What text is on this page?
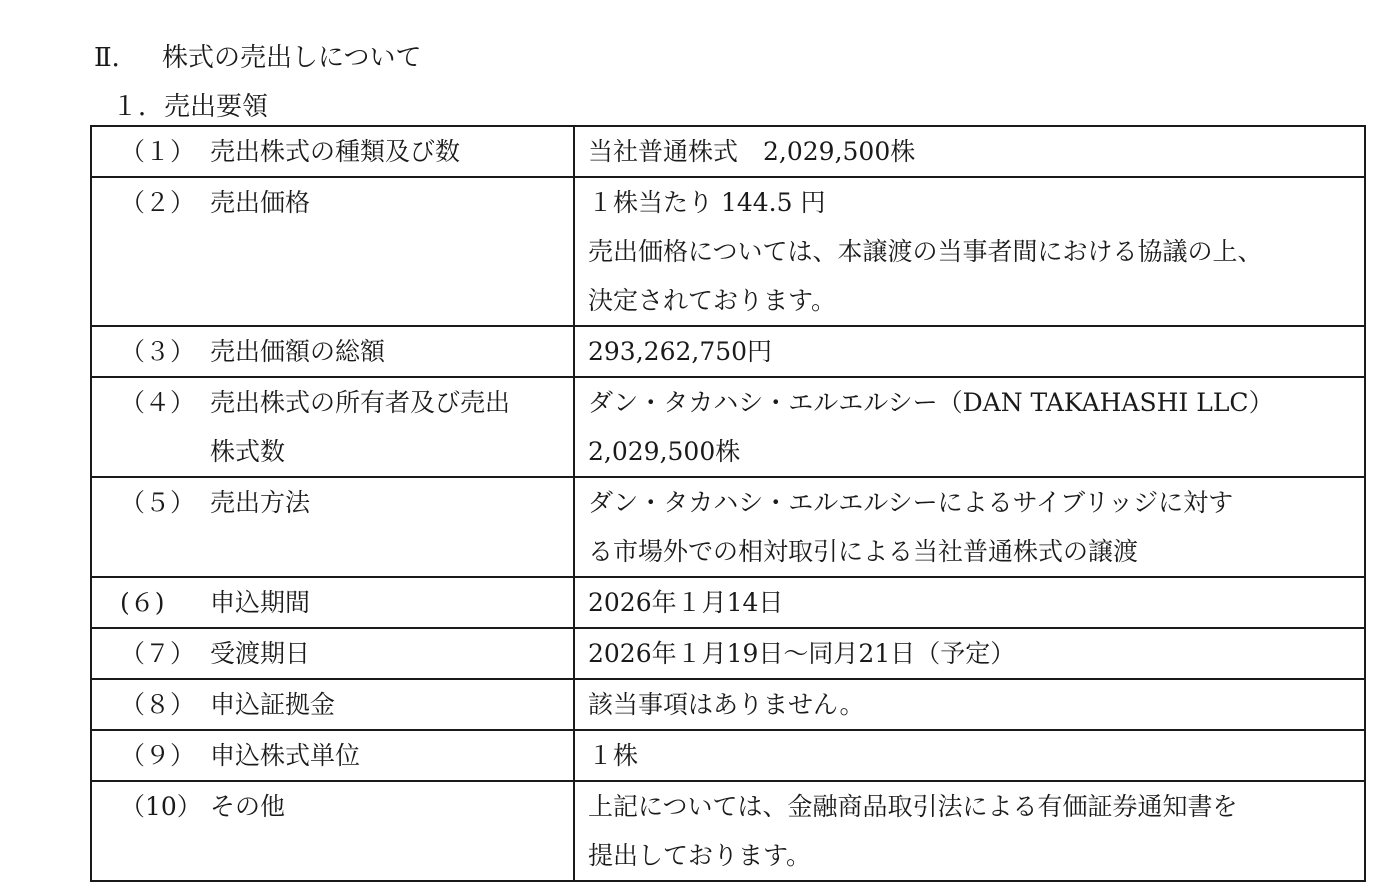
Ⅱ． 株式の売出しについて
１．売出要領
（１） 売出株式の種類及び数	当社普通株式　2,029,500株

（２） 売出価格	１株当たり 144.5 円
売出価格については、本譲渡の当事者間における協議の上、
決定されております。

（３） 売出価額の総額	293,262,750円

（４） 売出株式の所有者及び売出
株式数	ダン・タカハシ・エルエルシー（DAN TAKAHASHI LLC）
2,029,500株

（５） 売出方法	ダン・タカハシ・エルエルシーによるサイブリッジに対す
る市場外での相対取引による当社普通株式の譲渡

(６) 申込期間	2026年１月14日

（７） 受渡期日	2026年１月19日～同月21日（予定）

（８） 申込証拠金	該当事項はありません。

（９） 申込株式単位	１株

（10） その他	上記については、金融商品取引法による有価証券通知書を
提出しております。
